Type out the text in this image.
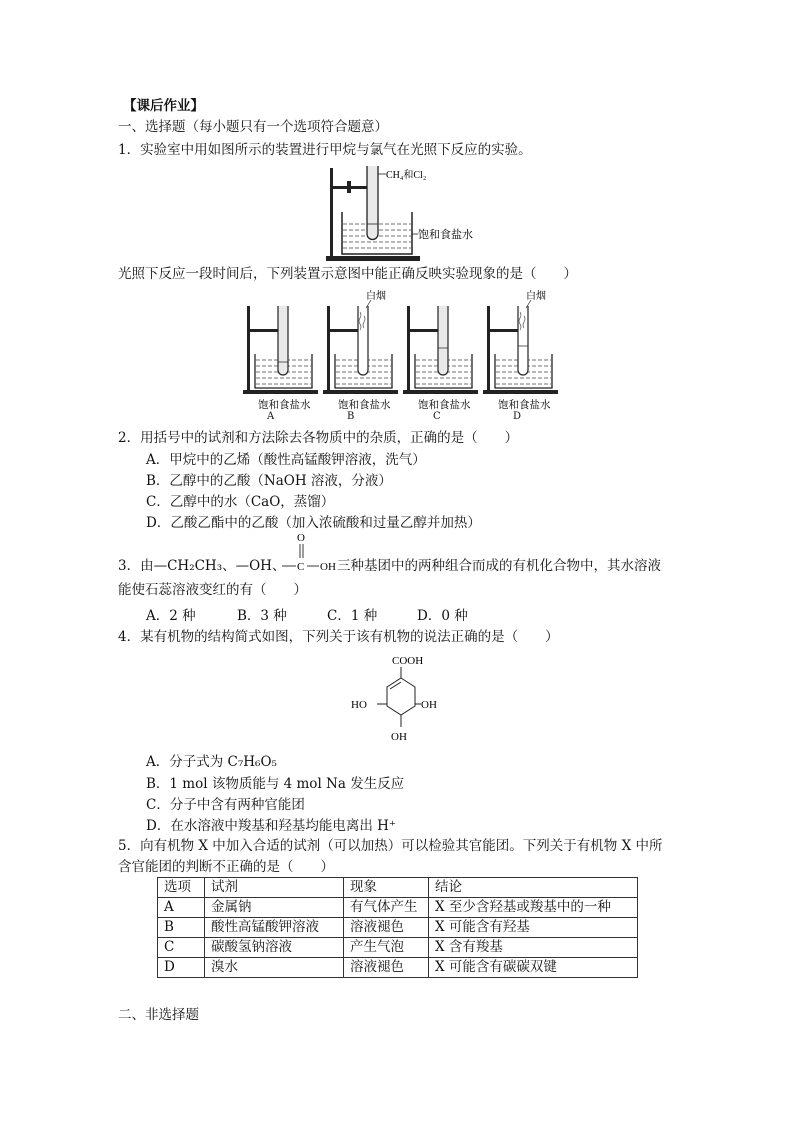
【课后作业】
一、选择题（每小题只有一个选项符合题意）
1．实验室中用如图所示的装置进行甲烷与氯气在光照下反应的实验。
CH₄和Cl₂
饱和食盐水
光照下反应一段时间后，下列装置示意图中能正确反映实验现象的是（　　）
饱和食盐水
白烟
饱和食盐水	饱和食盐水
白烟
饱和食盐水
A	B	C	D
2．用括号中的试剂和方法除去各物质中的杂质，正确的是（　　）
A．甲烷中的乙烯（酸性高锰酸钾溶液，洗气）
B．乙醇中的乙酸（NaOH 溶液，分液）
C．乙醇中的水（CaO，蒸馏）
D．乙酸乙酯中的乙酸（加入浓硫酸和过量乙醇并加热）
3．由—CH₂CH₃、—OH、
O
C OH 三种基团中的两种组合而成的有机化合物中，其水溶液
能使石蕊溶液变红的有（　　）
A．2 种	B．3 种	C．1 种	D．0 种
4．某有机物的结构简式如图，下列关于该有机物的说法正确的是（　　）
COOH
HO	OH
OH
A．分子式为 C₇H₆O₅
B．1 mol 该物质能与 4 mol Na 发生反应
C．分子中含有两种官能团
D．在水溶液中羧基和羟基均能电离出 H⁺
5．向有机物 X 中加入合适的试剂（可以加热）可以检验其官能团。下列关于有机物 X 中所
含官能团的判断不正确的是（　　）
选项	试剂	现象	结论
A	金属钠	有气体产生	X 至少含羟基或羧基中的一种
B	酸性高锰酸钾溶液	溶液褪色	X 可能含有羟基
C	碳酸氢钠溶液	产生气泡	X 含有羧基
D	溴水	溶液褪色	X 可能含有碳碳双键
二、非选择题
